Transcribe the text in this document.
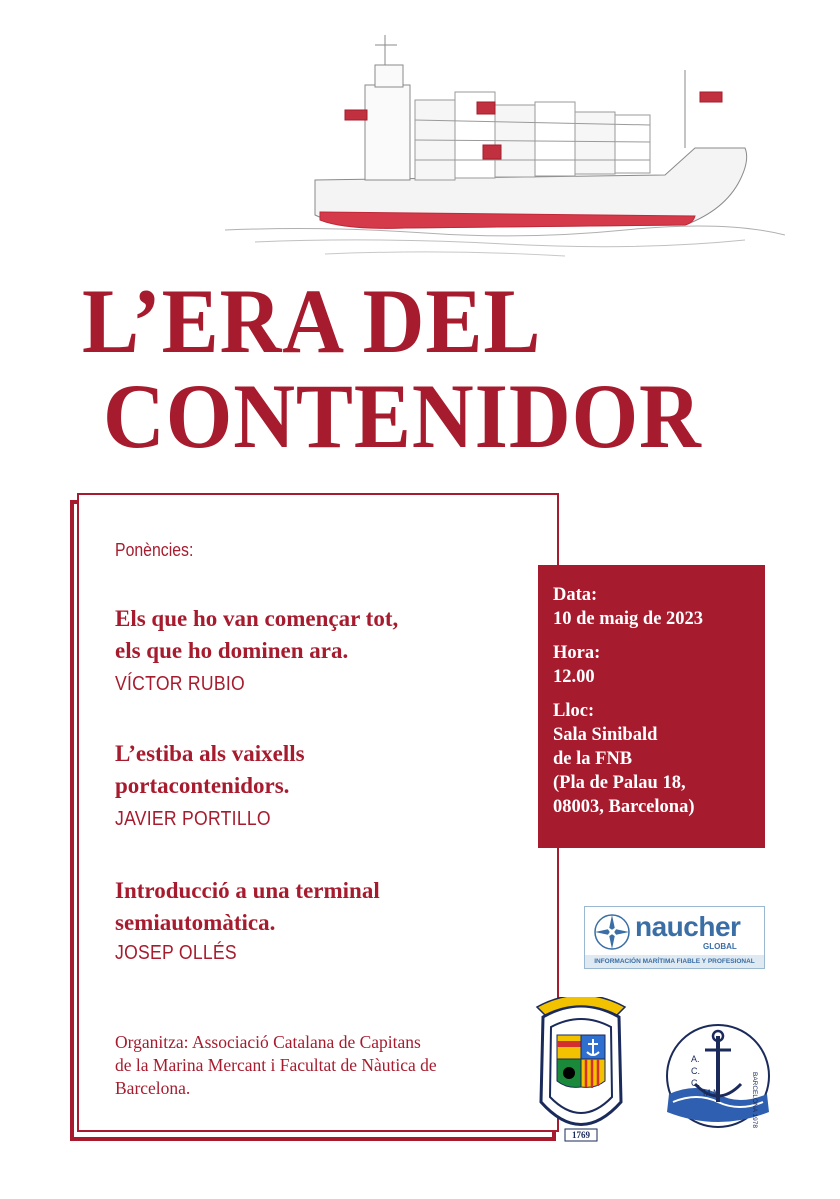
L’ERA DEL
CONTENIDOR
Ponències:

Els que ho van començar tot,

els que ho dominen ara.

VÍCTOR RUBIO

L’estiba als vaixells

portacontenidors.

JAVIER PORTILLO

Introducció a una terminal

semiautomàtica.

JOSEP OLLÉS
Organitza: Associació Catalana de Capitans
de la Marina Mercant i Facultat de Nàutica de
Barcelona.
Data:
10 de maig de 2023
Hora:
12.00
Lloc:
Sala Sinibald
de la FNB
(Pla de Palau 18,
08003, Barcelona)
naucher
GLOBAL
INFORMACIÓN MARÍTIMA FIABLE Y PROFESIONAL
1769
A.
C.
C.
M.M.	BARCELONA 1978
